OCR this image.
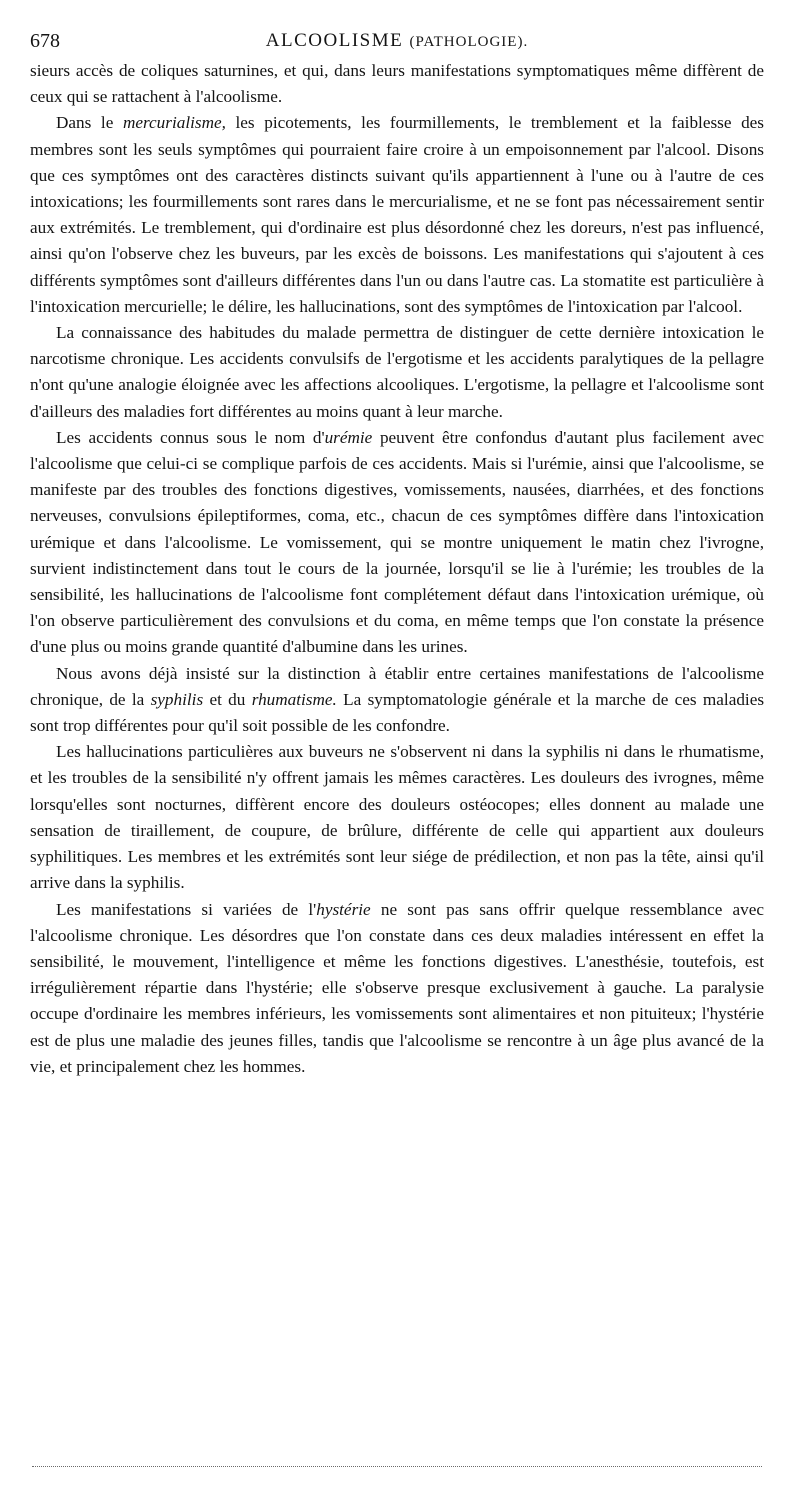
678	ALCOOLISME (PATHOLOGIE).

sieurs accès de coliques saturnines, et qui, dans leurs manifestations symptomatiques même diffèrent de ceux qui se rattachent à l'alcoolisme.

Dans le mercurialisme, les picotements, les fourmillements, le tremblement et la faiblesse des membres sont les seuls symptômes qui pourraient faire croire à un empoisonnement par l'alcool. Disons que ces symptômes ont des caractères distincts suivant qu'ils appartiennent à l'une ou à l'autre de ces intoxications; les fourmillements sont rares dans le mercurialisme, et ne se font pas nécessairement sentir aux extrémités. Le tremblement, qui d'ordinaire est plus désordonné chez les doreurs, n'est pas influencé, ainsi qu'on l'observe chez les buveurs, par les excès de boissons. Les manifestations qui s'ajoutent à ces différents symptômes sont d'ailleurs différentes dans l'un ou dans l'autre cas. La stomatite est particulière à l'intoxication mercurielle; le délire, les hallucinations, sont des symptômes de l'intoxication par l'alcool.

La connaissance des habitudes du malade permettra de distinguer de cette dernière intoxication le narcotisme chronique. Les accidents convulsifs de l'ergotisme et les accidents paralytiques de la pellagre n'ont qu'une analogie éloignée avec les affections alcooliques. L'ergotisme, la pellagre et l'alcoolisme sont d'ailleurs des maladies fort différentes au moins quant à leur marche.

Les accidents connus sous le nom d'urémie peuvent être confondus d'autant plus facilement avec l'alcoolisme que celui-ci se complique parfois de ces accidents. Mais si l'urémie, ainsi que l'alcoolisme, se manifeste par des troubles des fonctions digestives, vomissements, nausées, diarrhées, et des fonctions nerveuses, convulsions épileptiformes, coma, etc., chacun de ces symptômes diffère dans l'intoxication urémique et dans l'alcoolisme. Le vomissement, qui se montre uniquement le matin chez l'ivrogne, survient indistinctement dans tout le cours de la journée, lorsqu'il se lie à l'urémie; les troubles de la sensibilité, les hallucinations de l'alcoolisme font complétement défaut dans l'intoxication urémique, où l'on observe particulièrement des convulsions et du coma, en même temps que l'on constate la présence d'une plus ou moins grande quantité d'albumine dans les urines.

Nous avons déjà insisté sur la distinction à établir entre certaines manifestations de l'alcoolisme chronique, de la syphilis et du rhumatisme. La symptomatologie générale et la marche de ces maladies sont trop différentes pour qu'il soit possible de les confondre.

Les hallucinations particulières aux buveurs ne s'observent ni dans la syphilis ni dans le rhumatisme, et les troubles de la sensibilité n'y offrent jamais les mêmes caractères. Les douleurs des ivrognes, même lorsqu'elles sont nocturnes, diffèrent encore des douleurs ostéocopes; elles donnent au malade une sensation de tiraillement, de coupure, de brûlure, différente de celle qui appartient aux douleurs syphilitiques. Les membres et les extrémités sont leur siége de prédilection, et non pas la tête, ainsi qu'il arrive dans la syphilis.

Les manifestations si variées de l'hystérie ne sont pas sans offrir quelque ressemblance avec l'alcoolisme chronique. Les désordres que l'on constate dans ces deux maladies intéressent en effet la sensibilité, le mouvement, l'intelligence et même les fonctions digestives. L'anesthésie, toutefois, est irrégulièrement répartie dans l'hystérie; elle s'observe presque exclusivement à gauche. La paralysie occupe d'ordinaire les membres inférieurs, les vomissements sont alimentaires et non pituiteux; l'hystérie est de plus une maladie des jeunes filles, tandis que l'alcoolisme se rencontre à un âge plus avancé de la vie, et principalement chez les hommes.
